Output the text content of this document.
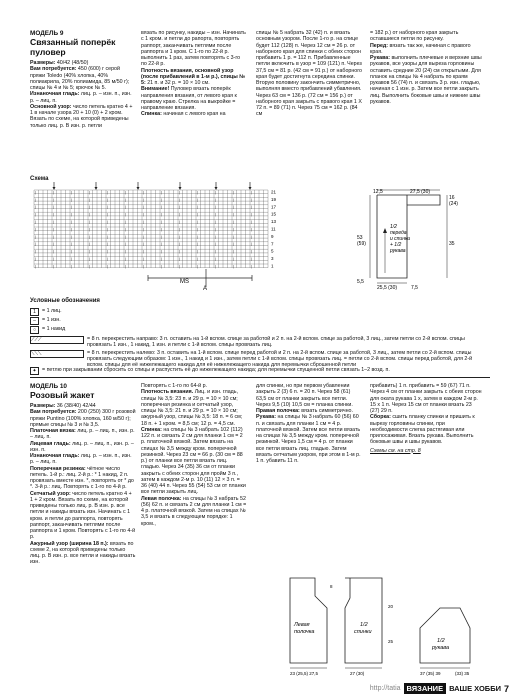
МОДЕЛЬ 9
Связанный поперёк пуловер

Размеры: 40/42 (48/50)

Вам потребуется: 450 (600) г серой пряжи Toledo (40% хлопка, 40% полиакрила, 20% полиамида, 85 м/50 г); спицы № 4 и № 5; крючок № 5.

Изнаночная гладь: лиц. р. – изн. п., изн. р. – лиц. п.

Основной узор: число петель кратно 4 + 1 в начале узора 20 + 10 (0) + 2 кром. Вязать по схеме, на которой приведены только лиц. р. В изн. р. петли

вязать по рисунку, накиды – изн. Начинать с 1 кром. и петли до рапорта, повторять раппорт, заканчивать петлями после раппорта и 1 кром. С 1-го по 22-й р. выполнить 1 раз, затем повторять с 3-го по 22-й р.

Плотность вязания, основной узор (после прибавлений в 1-м р.), спицы № 5: 21 п. и 32 р. = 10 × 10 см.

Внимание! Пуловер вязать поперёк направления вязания, от левого края к правому краю. Стрелка на выкройке = направление вязания.

Спинка: начиная с левого края на

спицы № 5 набрать 32 (42) п. и вязать основным узором. После 1-го р. на спице будет 112 (128) п. Через 12 см = 26 р. от наборного края для спинки с обеих сторон прибавить 1 р. = 112 п. Прибавленные петли включить в узор = 109 (121) п. Через 37,5 см = 81 р. (42 см = 91 р.) от наборного края будет достигнута середина спинки. Вторую половину закончить симметрично, выполняя вместо прибавлений убавления. Через 63 см = 136 р. (72 см = 156 р.) от наборного края закрыть с правого края 1 Х 72 п. = 89 (71) п. Через 75 см = 162 р. (84 см

= 182 р.) от наборного края закрыть оставшиеся петли по рисунку.

Перед: вязать так же, начиная с правого края.

Рукава: выполнить плечевые и верхние швы рукавов, все узоры для выреза горловины оставить средние 20 (24) см открытыми. Для планок на спицы № 4 набрать по краям рукавов 56 (74) п. и связать 3 р. изн. гладью, начиная с 1 изн. р. Затем все петли закрыть лиц. Выполнить боковые швы и нижние швы рукавов.

Схема
|	|	|	|	|	|	|	|	|	|	|	|	|
|	|	|	|	|	|	|	|	|	|	|	|	|
|	|	|	|	|	|	|	|	|	|	|	|	|
|	|	|	|	|	|	|	|	|	|	|	|	|
|	|	|	|	|	|	|	|	|	|	|	|	|
|	|	|	|	|	|	|	|	|	|	|	|	|
|	|	|	|	|	|	|	|	|	|	|	|	|
|	|	|	|	|	|	|	|	|	|	|	|	|
|	|	|	|	|	|	|	|	|	|	|	|	|
|	|	|	|	|	|	|	|	|	|	|	|	|
|	|	|	|	|	|	|	|	|	|	|	|	|
21
19
17
15
13
11
9
7
5
3
1
MS
A
27,5 (30)
12,5
16
(24)
35
53
(59)
5,5
25,5 (30)	7,5
1/2
переда
и спинки
+ 1/2
рукава
Условные обозначения
1	= 1 лиц.
–	= 1 изн.
○	= 1 накид
⟋⟋⟋	= 8 п. перекрестить направо: 3 п. оставить на 1-й вспом. спице за работой и 2 п. на 2-й вспом. спице за работой, 3 лиц., затем петли со 2-й вспом. спицы провязать 1 изн., 1 накид, 1 изн. и петли с 1-й вспом. спицы провязать лиц.
⟍⟍⟍	= 8 п. перекрестить налево: 3 п. оставить на 1-й вспом. спице перед работой и 2 п. на 2-й вспом. спице за работой, 3 лиц., затем петли со 2-й вспом. спицы провязать следующим образом: 1 изн., 1 накид и 1 изн., затем петли с 1-й вспом. спицы провязать лиц. = петли со 2-й вспом. спицы перед работой, для 2-й вспом. спицы для её нижележащего накида для её нижележащего накида для перемычки сброшенной петли
✦	= петлю при закрывании сбросить со спицы и распустить её до нижележащего накида; для перемычки спущенной петли связать 1–2 возд. п.
МОДЕЛЬ 10
Розовый жакет

Размеры: 36 (38/40) 42/44

Вам потребуется: 200 (250) 300 г розовой пряжи Puntino (100% хлопка, 160 м/50 г); прямые спицы № 3 и № 3,5.

Платочная вязка: лиц. р. – лиц. п., изн. р. – лиц. п.

Лицевая гладь: лиц. р. – лиц. п., изн. р. – изн. п.

Изнаночная гладь: лиц. р. – изн. п., изн. р. – лиц. п.

Поперечная резинка: чётное число петель. 1-й р.: лиц. 2-й р.: * 1 накид, 2 п. провязать вместе изн. *, повторять от * до *. 3-й р.: лиц. Повторять с 1-го по 4-й р.

Сетчатый узор: число петель кратно 4 + 1 + 2 кром. Вязать по схеме, на которой приведены только лиц. р. В изн. р. все петли и накиды вязать изн. Начинать с 1 кром. и петли до раппорта, повторять раппорт, заканчивать петлями после раппорта и 1 кром. Повторять с 1-го по 4-й р.

Ажурный узор (ширина 18 п.): вязать по схеме 2, на которой приведены только лиц. р. В изн. р. все петли и накиды вязать изн.

Повторять с 1-го по 64-й р.

Плотность вязания. Лиц. и изн. гладь, спицы № 3,5: 23 п. и 29 р. = 10 × 10 см; поперечная резинка и сетчатый узор, спицы № 3,5: 21 п. и 29 р. = 10 × 10 см; ажурный узор, спицы № 3,5: 18 п. = 6 см; 18 п. + 1 кром. = 8,5 см; 12 р. = 4,5 см.

Спинка: на спицы № 3 набрать 102 (112) 122 п. и связать 2 см для планки 1 см = 2 р. платочной вязкой. Затем вязать на спицах № 3,5 между кром. поперечной резинкой. Через 23 см = 66 р. (30 см = 88 р.) от планки все петли вязать лиц. гладью. Через 34 (35) 36 см от планки закрыть с обеих сторон для пройм 3 п., затем в каждом 2-м р. 10 (11) 12 × 3 п. = 36 (40) 44 п. Через 55 (54) 53 см от планки все петли закрыть лиц.

Левая полочка: на спицы № 3 набрать 52 (56) 62 п. и связать 2 см для планки 1 см = 4 р. платочной вязкой. Затем на спицах № 3,5 и вязать в следующем порядке: 1 кром.,

для спинки, но при первом убавлении закрыть 2 (3) 6 п. = 20 п. Через 58 (61) 63,5 см от планки закрыть все петли. Через 9,5 (10) 10,5 см = планка спинки.

Правая полочка: вязать симметрично.

Рукава: на спицы № 3 набрать 60 (56) 60 п. и связать для планки 1 см = 4 р. платочной вязкой. Затем все петли вязать на спицах № 3,5 между кром. поперечной резинкой. Через 1,5 см = 4 р. от планки все петли вязать лиц. гладью. Затем вязать сетчатым узором, при этом в 1-м р. 1 п. убавить 11 п.

прибавить) 1 п. прибавить = 59 (67) 71 п. Через 4 см от планки закрыть с обеих сторон для оката рукава 1 х, затем в каждом 2-м р. 15 х 1 п. Через 15 см от планки вязать 23 (27) 29 п.

Сборка: сшить планку спинки и пришить к вырезу горловины спинки, при необходимости слегка растягивая или прилосаживая. Вязать рукава. Выполнить боковые швы и швы рукавов.

Схемы см. на стр. 8

Левая
полочка
1/2
спинки
1/2
рукава
23 (25,5) 27,5	27 (30)
20
25
8
37 (35) 39	(33) 35
http://tatia ВЯЗАНИЕ ВАШЕ ХОББИ 7
